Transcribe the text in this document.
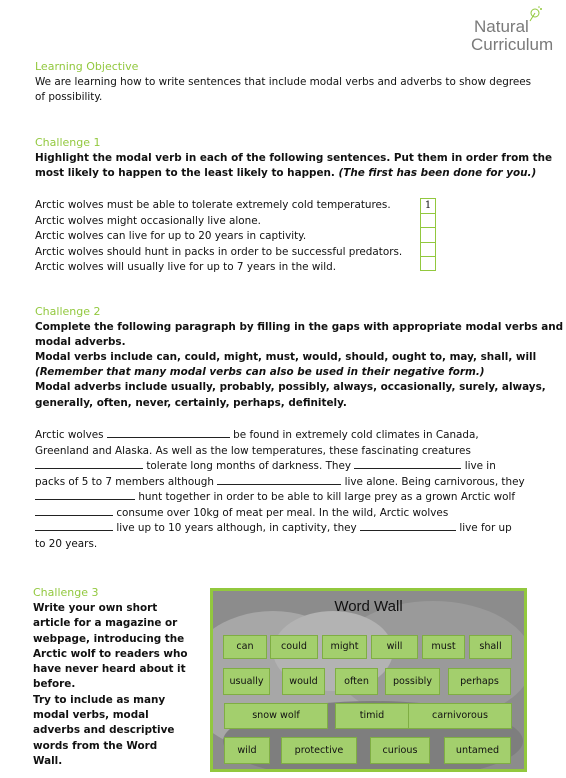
Natural
Curriculum
Learning Objective
We are learning how to write sentences that include modal verbs and adverbs to show degrees
of possibility.
Challenge 1
Highlight the modal verb in each of the following sentences. Put them in order from the
most likely to happen to the least likely to happen. (The first has been done for you.)
Arctic wolves must be able to tolerate extremely cold temperatures.
Arctic wolves might occasionally live alone.
Arctic wolves can live for up to 20 years in captivity.
Arctic wolves should hunt in packs in order to be successful predators.
Arctic wolves will usually live for up to 7 years in the wild.
1
Challenge 2
Complete the following paragraph by filling in the gaps with appropriate modal verbs and
modal adverbs.
Modal verbs include can, could, might, must, would, should, ought to, may, shall, will
(Remember that many modal verbs can also be used in their negative form.)
Modal adverbs include usually, probably, possibly, always, occasionally, surely, always,
generally, often, never, certainly, perhaps, definitely.
Arctic wolves	be found in extremely cold climates in Canada,
Greenland and Alaska. As well as the low temperatures, these fascinating creatures
tolerate long months of darkness. They	live in
packs of 5 to 7 members although	live alone. Being carnivorous, they
hunt together in order to be able to kill large prey as a grown Arctic wolf
consume over 10kg of meat per meal. In the wild, Arctic wolves
live up to 10 years although, in captivity, they	live for up
to 20 years.
Challenge 3
Write your own short
article for a magazine or
webpage, introducing the
Arctic wolf to readers who
have never heard about it
before.
Try to include as many
modal verbs, modal
adverbs and descriptive
words from the Word
Wall.
Word Wall
can	could	might	will	must	shall
usually	would	often	possibly	perhaps
snow wolf	timid	carnivorous
wild	protective	curious	untamed
